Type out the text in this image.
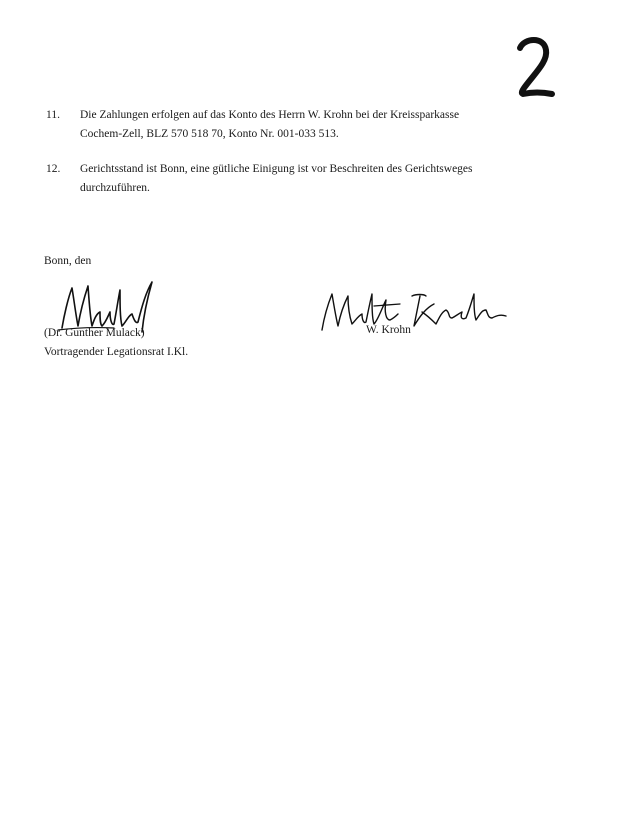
11.	Die Zahlungen erfolgen auf das Konto des Herrn W. Krohn bei der Kreissparkasse
Cochem-Zell, BLZ 570 518 70, Konto Nr. 001-033 513.
12.	Gerichtsstand ist Bonn, eine gütliche Einigung ist vor Beschreiten des Gerichtsweges
durchzuführen.
Bonn, den
(Dr. Gunther Mulack)
Vortragender Legationsrat I.Kl.
W. Krohn
